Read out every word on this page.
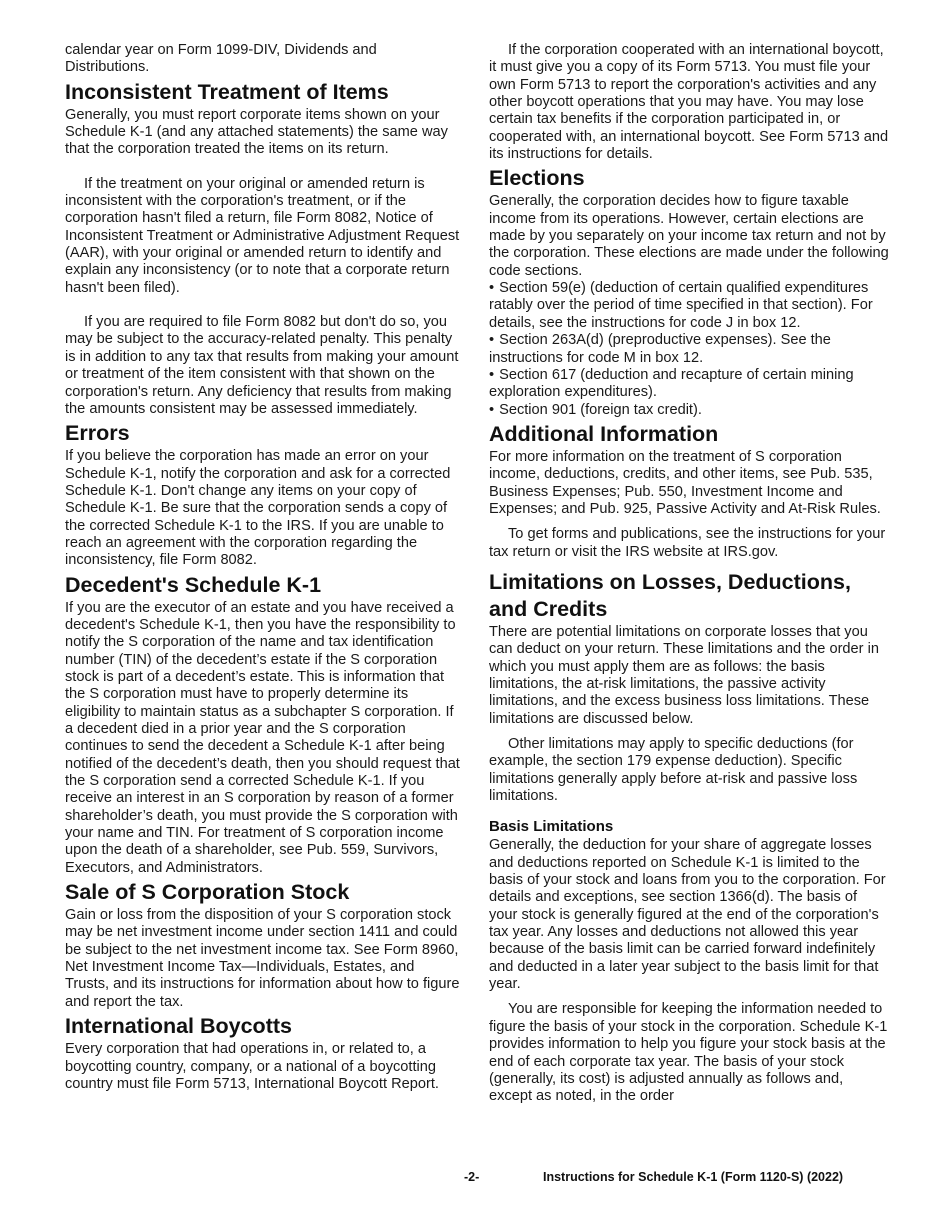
calendar year on Form 1099-DIV, Dividends and Distributions.

Inconsistent Treatment of Items

Generally, you must report corporate items shown on your Schedule K-1 (and any attached statements) the same way that the corporation treated the items on its return.

If the treatment on your original or amended return is inconsistent with the corporation's treatment, or if the corporation hasn't filed a return, file Form 8082, Notice of Inconsistent Treatment or Administrative Adjustment Request (AAR), with your original or amended return to identify and explain any inconsistency (or to note that a corporate return hasn't been filed).

If you are required to file Form 8082 but don't do so, you may be subject to the accuracy-related penalty. This penalty is in addition to any tax that results from making your amount or treatment of the item consistent with that shown on the corporation's return. Any deficiency that results from making the amounts consistent may be assessed immediately.

Errors

If you believe the corporation has made an error on your Schedule K-1, notify the corporation and ask for a corrected Schedule K-1. Don't change any items on your copy of Schedule K-1. Be sure that the corporation sends a copy of the corrected Schedule K-1 to the IRS. If you are unable to reach an agreement with the corporation regarding the inconsistency, file Form 8082.

Decedent's Schedule K-1

If you are the executor of an estate and you have received a decedent's Schedule K-1, then you have the responsibility to notify the S corporation of the name and tax identification number (TIN) of the decedent’s estate if the S corporation stock is part of a decedent’s estate. This is information that the S corporation must have to properly determine its eligibility to maintain status as a subchapter S corporation. If a decedent died in a prior year and the S corporation continues to send the decedent a Schedule K-1 after being notified of the decedent’s death, then you should request that the S corporation send a corrected Schedule K-1. If you receive an interest in an S corporation by reason of a former shareholder’s death, you must provide the S corporation with your name and TIN. For treatment of S corporation income upon the death of a shareholder, see Pub. 559, Survivors, Executors, and Administrators.

Sale of S Corporation Stock

Gain or loss from the disposition of your S corporation stock may be net investment income under section 1411 and could be subject to the net investment income tax. See Form 8960, Net Investment Income Tax—Individuals, Estates, and Trusts, and its instructions for information about how to figure and report the tax.

International Boycotts

Every corporation that had operations in, or related to, a boycotting country, company, or a national of a boycotting country must file Form 5713, International Boycott Report.

If the corporation cooperated with an international boycott, it must give you a copy of its Form 5713. You must file your own Form 5713 to report the corporation's activities and any other boycott operations that you may have. You may lose certain tax benefits if the corporation participated in, or cooperated with, an international boycott. See Form 5713 and its instructions for details.

Elections

Generally, the corporation decides how to figure taxable income from its operations. However, certain elections are made by you separately on your income tax return and not by the corporation. These elections are made under the following code sections.

• Section 59(e) (deduction of certain qualified expenditures ratably over the period of time specified in that section). For details, see the instructions for code J in box 12.

• Section 263A(d) (preproductive expenses). See the instructions for code M in box 12.

• Section 617 (deduction and recapture of certain mining exploration expenditures).

• Section 901 (foreign tax credit).

Additional Information

For more information on the treatment of S corporation income, deductions, credits, and other items, see Pub. 535, Business Expenses; Pub. 550, Investment Income and Expenses; and Pub. 925, Passive Activity and At-Risk Rules.

To get forms and publications, see the instructions for your tax return or visit the IRS website at IRS.gov.

Limitations on Losses, Deductions, and Credits

There are potential limitations on corporate losses that you can deduct on your return. These limitations and the order in which you must apply them are as follows: the basis limitations, the at-risk limitations, the passive activity limitations, and the excess business loss limitations. These limitations are discussed below.

Other limitations may apply to specific deductions (for example, the section 179 expense deduction). Specific limitations generally apply before at-risk and passive loss limitations.

Basis Limitations

Generally, the deduction for your share of aggregate losses and deductions reported on Schedule K-1 is limited to the basis of your stock and loans from you to the corporation. For details and exceptions, see section 1366(d). The basis of your stock is generally figured at the end of the corporation's tax year. Any losses and deductions not allowed this year because of the basis limit can be carried forward indefinitely and deducted in a later year subject to the basis limit for that year.

You are responsible for keeping the information needed to figure the basis of your stock in the corporation. Schedule K-1 provides information to help you figure your stock basis at the end of each corporate tax year. The basis of your stock (generally, its cost) is adjusted annually as follows and, except as noted, in the order

-2-	Instructions for Schedule K-1 (Form 1120-S) (2022)
